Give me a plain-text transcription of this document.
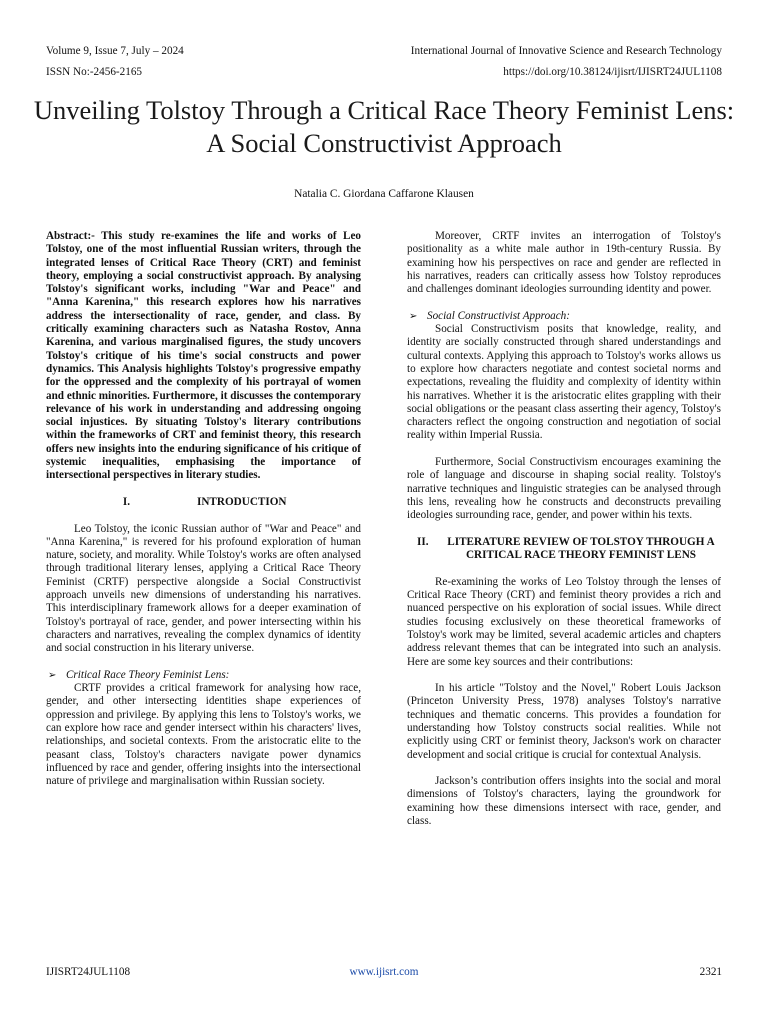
Volume 9, Issue 7, July – 2024	International Journal of Innovative Science and Research Technology
ISSN No:-2456-2165	https://doi.org/10.38124/ijisrt/IJISRT24JUL1108
Unveiling Tolstoy Through a Critical Race Theory Feminist Lens: A Social Constructivist Approach
Natalia C. Giordana Caffarone Klausen

Abstract:- This study re-examines the life and works of Leo Tolstoy, one of the most influential Russian writers, through the integrated lenses of Critical Race Theory (CRT) and feminist theory, employing a social constructivist approach. By analysing Tolstoy's significant works, including "War and Peace" and "Anna Karenina," this research explores how his narratives address the intersectionality of race, gender, and class. By critically examining characters such as Natasha Rostov, Anna Karenina, and various marginalised figures, the study uncovers Tolstoy's critique of his time's social constructs and power dynamics. This Analysis highlights Tolstoy's progressive empathy for the oppressed and the complexity of his portrayal of women and ethnic minorities. Furthermore, it discusses the contemporary relevance of his work in understanding and addressing ongoing social injustices. By situating Tolstoy's literary contributions within the frameworks of CRT and feminist theory, this research offers new insights into the enduring significance of his critique of systemic inequalities, emphasising the importance of intersectional perspectives in literary studies.

I.	INTRODUCTION

Leo Tolstoy, the iconic Russian author of "War and Peace" and "Anna Karenina," is revered for his profound exploration of human nature, society, and morality. While Tolstoy's works are often analysed through traditional literary lenses, applying a Critical Race Theory Feminist (CRTF) perspective alongside a Social Constructivist approach unveils new dimensions of understanding his narratives. This interdisciplinary framework allows for a deeper examination of Tolstoy's portrayal of race, gender, and power intersecting within his characters and narratives, revealing the complex dynamics of identity and social construction in his literary universe.

➢ Critical Race Theory Feminist Lens:

CRTF provides a critical framework for analysing how race, gender, and other intersecting identities shape experiences of oppression and privilege. By applying this lens to Tolstoy's works, we can explore how race and gender intersect within his characters' lives, relationships, and societal contexts. From the aristocratic elite to the peasant class, Tolstoy's characters navigate power dynamics influenced by race and gender, offering insights into the intersectional nature of privilege and marginalisation within Russian society.

Moreover, CRTF invites an interrogation of Tolstoy's positionality as a white male author in 19th-century Russia. By examining how his perspectives on race and gender are reflected in his narratives, readers can critically assess how Tolstoy reproduces and challenges dominant ideologies surrounding identity and power.

➢ Social Constructivist Approach:

Social Constructivism posits that knowledge, reality, and identity are socially constructed through shared understandings and cultural contexts. Applying this approach to Tolstoy's works allows us to explore how characters negotiate and contest societal norms and expectations, revealing the fluidity and complexity of identity within his narratives. Whether it is the aristocratic elites grappling with their social obligations or the peasant class asserting their agency, Tolstoy's characters reflect the ongoing construction and negotiation of social reality within Imperial Russia.

Furthermore, Social Constructivism encourages examining the role of language and discourse in shaping social reality. Tolstoy's narrative techniques and linguistic strategies can be analysed through this lens, revealing how he constructs and deconstructs prevailing ideologies surrounding race, gender, and power within his texts.

II.	LITERATURE REVIEW OF TOLSTOY THROUGH A CRITICAL RACE THEORY FEMINIST LENS

Re-examining the works of Leo Tolstoy through the lenses of Critical Race Theory (CRT) and feminist theory provides a rich and nuanced perspective on his exploration of social issues. While direct studies focusing exclusively on these theoretical frameworks of Tolstoy's work may be limited, several academic articles and chapters address relevant themes that can be integrated into such an analysis. Here are some key sources and their contributions:

In his article "Tolstoy and the Novel," Robert Louis Jackson (Princeton University Press, 1978) analyses Tolstoy's narrative techniques and thematic concerns. This provides a foundation for understanding how Tolstoy constructs social realities. While not explicitly using CRT or feminist theory, Jackson's work on character development and social critique is crucial for contextual Analysis.

Jackson’s contribution offers insights into the social and moral dimensions of Tolstoy's characters, laying the groundwork for examining how these dimensions intersect with race, gender, and class.

IJISRT24JUL1108	www.ijisrt.com	2321
